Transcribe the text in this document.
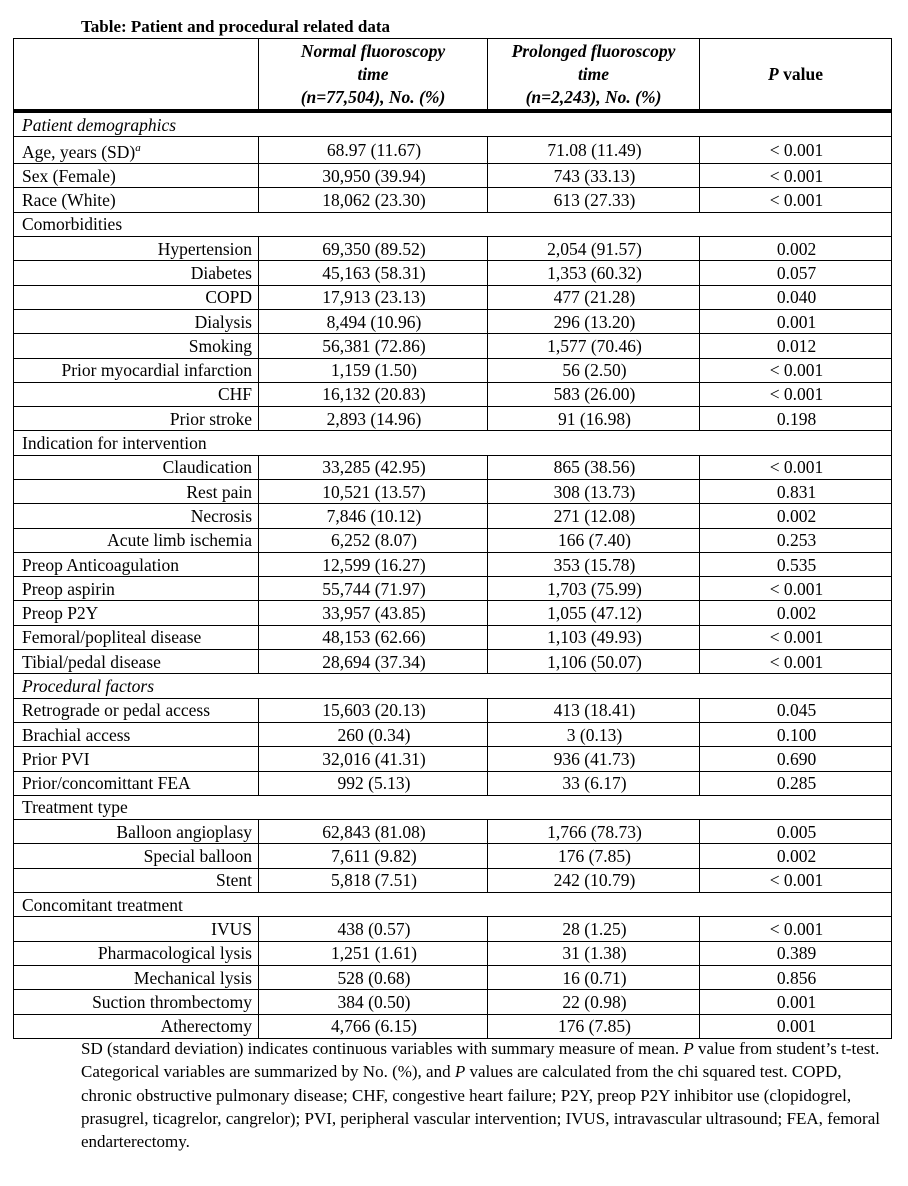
Table: Patient and procedural related data
	Normal fluoroscopy
time
(n=77,504), No. (%)	Prolonged fluoroscopy
time
(n=2,243), No. (%)	P value
Patient demographics			
Age, years (SD)$^a$	68.97 (11.67)	71.08 (11.49)	< 0.001
Sex (Female)	30,950 (39.94)	743 (33.13)	< 0.001
Race (White)	18,062 (23.30)	613 (27.33)	< 0.001
Comorbidities			
Hypertension	69,350 (89.52)	2,054 (91.57)	0.002
Diabetes	45,163 (58.31)	1,353 (60.32)	0.057
COPD	17,913 (23.13)	477 (21.28)	0.040
Dialysis	8,494 (10.96)	296 (13.20)	0.001
Smoking	56,381 (72.86)	1,577 (70.46)	0.012
Prior myocardial infarction	1,159 (1.50)	56 (2.50)	< 0.001
CHF	16,132 (20.83)	583 (26.00)	< 0.001
Prior stroke	2,893 (14.96)	91 (16.98)	0.198
Indication for intervention			
Claudication	33,285 (42.95)	865 (38.56)	< 0.001
Rest pain	10,521 (13.57)	308 (13.73)	0.831
Necrosis	7,846 (10.12)	271 (12.08)	0.002
Acute limb ischemia	6,252 (8.07)	166 (7.40)	0.253
Preop Anticoagulation	12,599 (16.27)	353 (15.78)	0.535
Preop aspirin	55,744 (71.97)	1,703 (75.99)	< 0.001
Preop P2Y	33,957 (43.85)	1,055 (47.12)	0.002
Femoral/popliteal disease	48,153 (62.66)	1,103 (49.93)	< 0.001
Tibial/pedal disease	28,694 (37.34)	1,106 (50.07)	< 0.001
Procedural factors			
Retrograde or pedal access	15,603 (20.13)	413 (18.41)	0.045
Brachial access	260 (0.34)	3 (0.13)	0.100
Prior PVI	32,016 (41.31)	936 (41.73)	0.690
Prior/concomittant FEA	992 (5.13)	33 (6.17)	0.285
Treatment type			
Balloon angioplasy	62,843 (81.08)	1,766 (78.73)	0.005
Special balloon	7,611 (9.82)	176 (7.85)	0.002
Stent	5,818 (7.51)	242 (10.79)	< 0.001
Concomitant treatment			
IVUS	438 (0.57)	28 (1.25)	< 0.001
Pharmacological lysis	1,251 (1.61)	31 (1.38)	0.389
Mechanical lysis	528 (0.68)	16 (0.71)	0.856
Suction thrombectomy	384 (0.50)	22 (0.98)	0.001
Atherectomy	4,766 (6.15)	176 (7.85)	0.001
SD (standard deviation) indicates continuous variables with summary measure of mean. P value from student’s t-test. Categorical variables are summarized by No. (%), and P values are calculated from the chi squared test. COPD, chronic obstructive pulmonary disease; CHF, congestive heart failure; P2Y, preop P2Y inhibitor use (clopidogrel, prasugrel, ticagrelor, cangrelor); PVI, peripheral vascular intervention; IVUS, intravascular ultrasound; FEA, femoral endarterectomy.
